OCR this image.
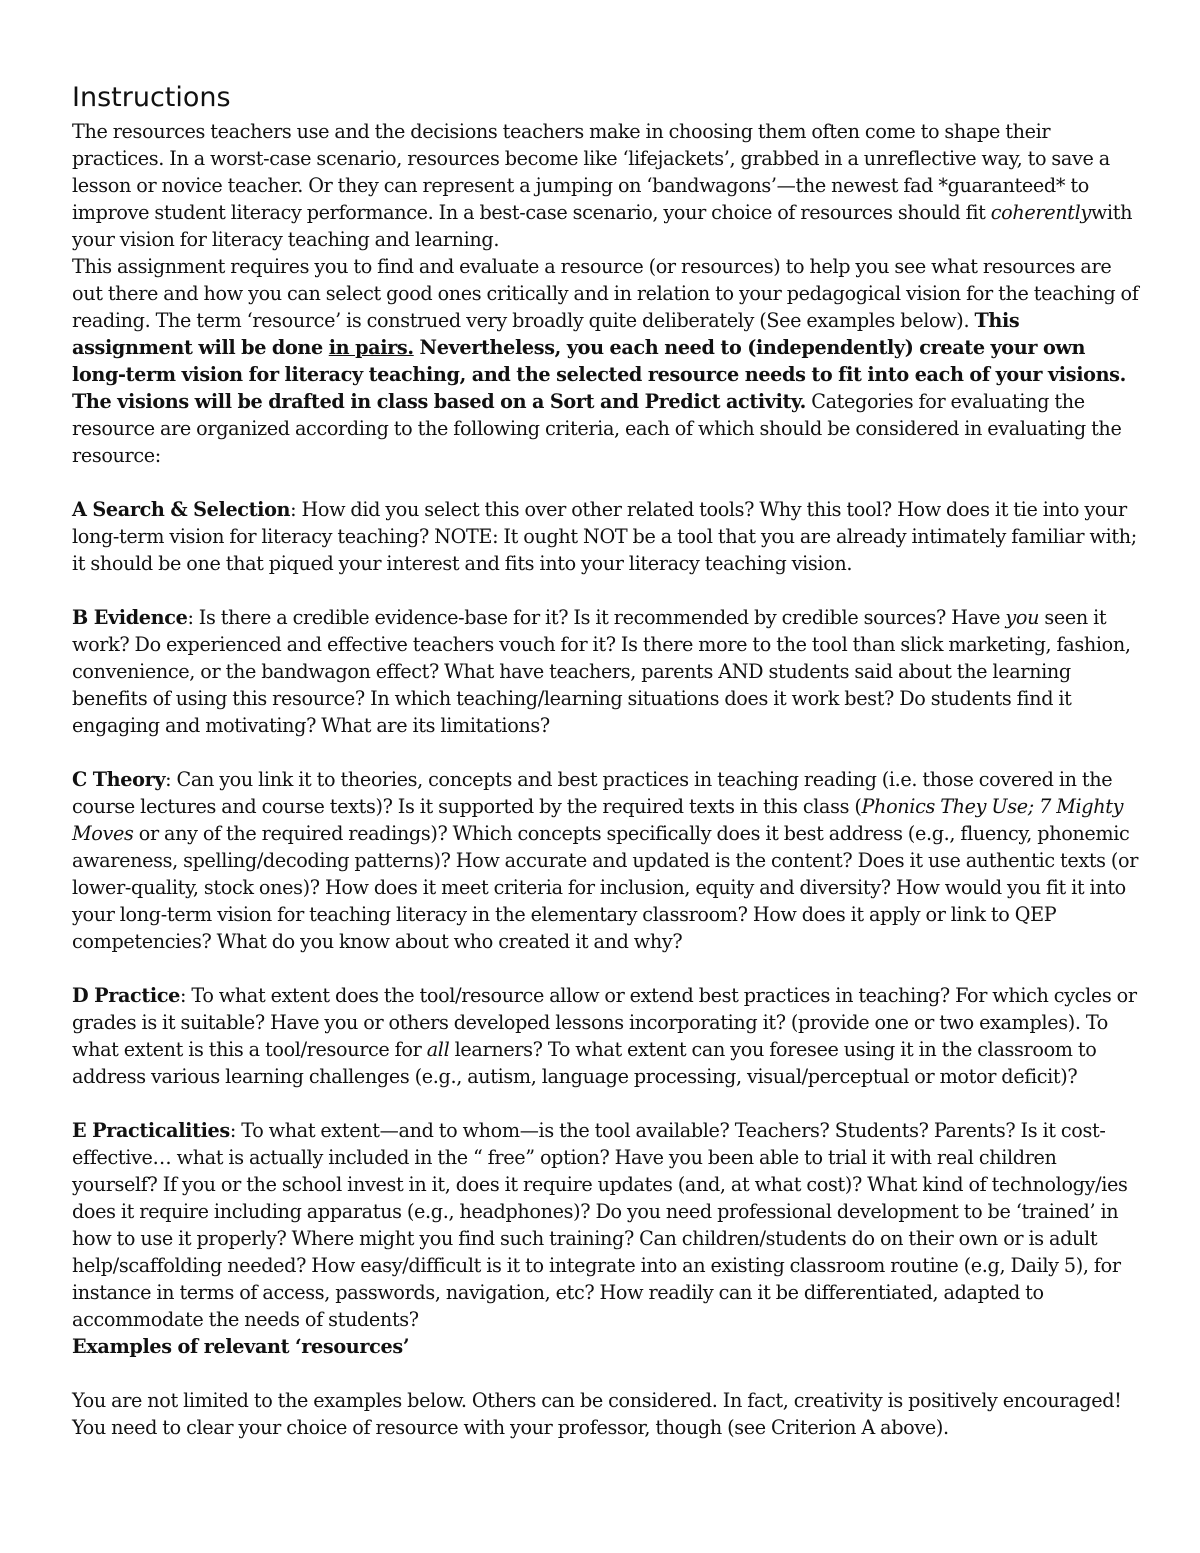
Instructions

The resources teachers use and the decisions teachers make in choosing them often come to shape their practices. In a worst-case scenario, resources become like ‘lifejackets’, grabbed in a unreflective way, to save a lesson or novice teacher. Or they can represent a jumping on ‘bandwagons’—the newest fad *guaranteed* to improve student literacy performance. In a best-case scenario, your choice of resources should fit coherentlywith your vision for literacy teaching and learning.

This assignment requires you to find and evaluate a resource (or resources) to help you see what resources are out there and how you can select good ones critically and in relation to your pedagogical vision for the teaching of reading. The term ‘resource’ is construed very broadly quite deliberately (See examples below). This assignment will be done in pairs. Nevertheless, you each need to (independently) create your own long-term vision for literacy teaching, and the selected resource needs to fit into each of your visions. The visions will be drafted in class based on a Sort and Predict activity. Categories for evaluating the resource are organized according to the following criteria, each of which should be considered in evaluating the resource:

A Search & Selection: How did you select this over other related tools? Why this tool? How does it tie into your long-term vision for literacy teaching? NOTE: It ought NOT be a tool that you are already intimately familiar with; it should be one that piqued your interest and fits into your literacy teaching vision.

B Evidence: Is there a credible evidence-base for it? Is it recommended by credible sources? Have you seen it work? Do experienced and effective teachers vouch for it? Is there more to the tool than slick marketing, fashion, convenience, or the bandwagon effect? What have teachers, parents AND students said about the learning benefits of using this resource? In which teaching/learning situations does it work best? Do students find it engaging and motivating? What are its limitations?

C Theory: Can you link it to theories, concepts and best practices in teaching reading (i.e. those covered in the course lectures and course texts)? Is it supported by the required texts in this class (Phonics They Use; 7 Mighty Moves or any of the required readings)? Which concepts specifically does it best address (e.g., fluency, phonemic awareness, spelling/decoding patterns)? How accurate and updated is the content? Does it use authentic texts (or lower-quality, stock ones)? How does it meet criteria for inclusion, equity and diversity? How would you fit it into your long-term vision for teaching literacy in the elementary classroom? How does it apply or link to QEP competencies? What do you know about who created it and why?

D Practice: To what extent does the tool/resource allow or extend best practices in teaching? For which cycles or grades is it suitable? Have you or others developed lessons incorporating it? (provide one or two examples). To what extent is this a tool/resource for all learners? To what extent can you foresee using it in the classroom to address various learning challenges (e.g., autism, language processing, visual/perceptual or motor deficit)?

E Practicalities: To what extent—and to whom—is the tool available? Teachers? Students? Parents? Is it cost-effective… what is actually included in the “ free” option? Have you been able to trial it with real children yourself? If you or the school invest in it, does it require updates (and, at what cost)? What kind of technology/ies does it require including apparatus (e.g., headphones)? Do you need professional development to be ‘trained’ in how to use it properly? Where might you find such training? Can children/students do on their own or is adult help/scaffolding needed? How easy/difficult is it to integrate into an existing classroom routine (e.g, Daily 5), for instance in terms of access, passwords, navigation, etc? How readily can it be differentiated, adapted to accommodate the needs of students?

Examples of relevant ‘resources’

You are not limited to the examples below. Others can be considered. In fact, creativity is positively encouraged! You need to clear your choice of resource with your professor, though (see Criterion A above).
